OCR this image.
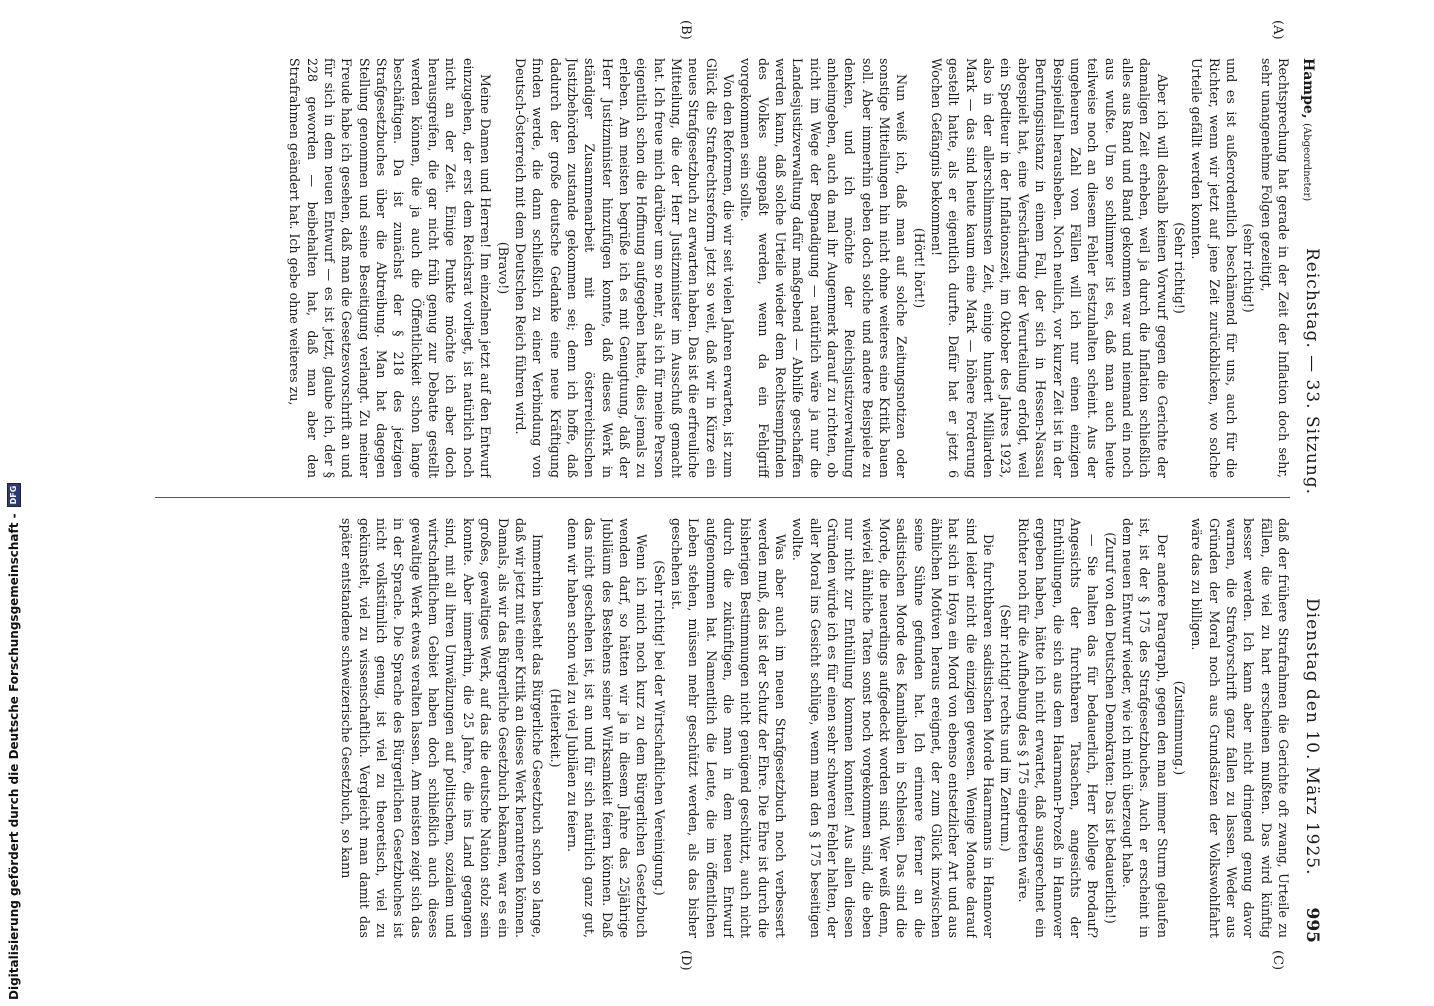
Hampe, (Abgeordneter)
Reichstag. — 33. Sitzung.
Dienstag den 10. März 1925.
995

Rechtsprechung hat gerade in der Zeit der Inflation doch sehr, sehr unangenehme Folgen gezeitigt,

(sehr richtig!)

und es ist außerordentlich beschämend für uns, auch für die Richter, wenn wir jetzt auf jene Zeit zurückblicken, wo solche Urteile gefällt werden konnten.

(Sehr richtig!)

Aber ich will deshalb keinen Vorwurf gegen die Gerichte der damaligen Zeit erheben, weil ja durch die Inflation schließlich alles aus Rand und Band gekommen war und niemand ein noch aus wußte. Um so schlimmer ist es, daß man auch heute teilweise noch an diesem Fehler festzuhalten scheint. Aus der ungeheuren Zahl von Fällen will ich nur einen einzigen Beispielfall herausheben. Noch neulich, vor kurzer Zeit ist in der Berufungsinstanz in einem Fall, der sich in Hessen-Nassau abgespielt hat, eine Verschärfung der Verurteilung erfolgt, weil ein Spediteur in der Inflationszeit, im Oktober des Jahres 1923, also in der allerschlimmsten Zeit, einige hundert Milliarden Mark — das sind heute kaum eine Mark — höhere Forderung gestellt hatte, als er eigentlich durfte. Dafür hat er jetzt 6 Wochen Gefängnis bekommen!

(Hört! hört!)

Nun weiß ich, daß man auf solche Zeitungsnotizen oder sonstige Mitteilungen hin nicht ohne weiteres eine Kritik bauen soll. Aber immerhin geben doch solche und andere Beispiele zu denken, und ich möchte der Reichsjustizverwaltung anheimgeben, auch da mal ihr Augenmerk darauf zu richten, ob nicht im Wege der Begnadigung — natürlich wäre ja nur die Landesjustizverwaltung dafür maßgebend — Abhilfe geschaffen werden kann, daß solche Urteile wieder dem Rechtsempfinden des Volkes angepaßt werden, wenn da ein Fehlgriff vorgekommen sein sollte.

Von den Reformen, die wir seit vielen Jahren erwarten, ist zum Glück die Strafrechtsreform jetzt so weit, daß wir in Kürze ein neues Strafgesetzbuch zu erwarten haben. Das ist die erfreuliche Mitteilung, die der Herr Justizminister im Ausschuß gemacht hat. Ich freue mich darüber um so mehr, als ich für meine Person eigentlich schon die Hoffnung aufgegeben hatte, dies jemals zu erleben. Am meisten begrüße ich es mit Genugtuung, daß der Herr Justizminister hinzufügen konnte, daß dieses Werk in ständiger Zusammenarbeit mit den österreichischen Justizbehörden zustande gekommen sei; denn ich hoffe, daß dadurch der große deutsche Gedanke eine neue Kräftigung finden werde, die dann schließlich zu einer Verbindung von Deutsch-Österreich mit dem Deutschen Reich führen wird.

(Bravo!)

Meine Damen und Herren! Im einzelnen jetzt auf den Entwurf einzugehen, der erst dem Reichsrat vorliegt, ist natürlich noch nicht an der Zeit. Einige Punkte möchte ich aber doch herausgreifen, die gar nicht früh genug zur Debatte gestellt werden können, die ja auch die Öffentlichkeit schon lange beschäftigen. Da ist zunächst der § 218 des jetzigen Strafgesetzbuches über die Abtreibung. Man hat dagegen Stellung genommen und seine Beseitigung verlangt. Zu meiner Freude habe ich gesehen, daß man die Gesetzesvorschrift an und für sich in dem neuen Entwurf — es ist jetzt, glaube ich, der § 228 geworden — beibehalten hat, daß man aber den Strafrahmen geändert hat. Ich gebe ohne weiteres zu,

daß der frühere Strafrahmen die Gerichte oft zwang, Urteile zu fällen, die viel zu hart erscheinen mußten. Das wird künftig besser werden. Ich kann aber nicht dringend genug davor warnen, die Strafvorschrift ganz fallen zu lassen. Weder aus Gründen der Moral noch aus Grundsätzen der Volkswohlfahrt wäre das zu billigen.

(Zustimmung.)

Der andere Paragraph, gegen den man immer Sturm gelaufen ist, ist der § 175 des Strafgesetzbuches. Auch er erscheint in dem neuen Entwurf wieder, wie ich mich überzeugt habe.

(Zuruf von den Deutschen Demokraten: Das ist bedauerlich!)

— Sie halten das für bedauerlich, Herr Kollege Brodauf? Angesichts der furchtbaren Tatsachen, angesichts der Enthüllungen, die sich aus dem Haarmann-Prozeß in Hannover ergeben haben, hätte ich nicht erwartet, daß ausgerechnet ein Richter noch für die Aufhebung des § 175 eingetreten wäre.

(Sehr richtig! rechts und im Zentrum.)

Die furchtbaren sadistischen Morde Haarmanns in Hannover sind leider nicht die einzigen gewesen. Wenige Monate darauf hat sich in Hoya ein Mord von ebenso entsetzlicher Art und aus ähnlichen Motiven heraus ereignet, der zum Glück inzwischen seine Sühne gefunden hat. Ich erinnere ferner an die sadistischen Morde des Kannibalen in Schlesien. Das sind die Morde, die neuerdings aufgedeckt worden sind. Wer weiß denn, wieviel ähnliche Taten sonst noch vorgekommen sind, die eben nur nicht zur Enthüllung kommen konnten! Aus allen diesen Gründen würde ich es für einen sehr schweren Fehler halten, der aller Moral ins Gesicht schlüge, wenn man den § 175 beseitigen wollte.

Was aber auch im neuen Strafgesetzbuch noch verbessert werden muß, das ist der Schutz der Ehre. Die Ehre ist durch die bisherigen Bestimmungen nicht genügend geschützt, auch nicht durch die zukünftigen, die man in dem neuen Entwurf aufgenommen hat. Namentlich die Leute, die im öffentlichen Leben stehen, müssen mehr geschützt werden, als das bisher geschehen ist.

(Sehr richtig! bei der Wirtschaftlichen Vereinigung.)

Wenn ich mich noch kurz zu dem Bürgerlichen Gesetzbuch wenden darf, so hätten wir ja in diesem Jahre das 25jährige Jubiläum des Bestehens seiner Wirksamkeit feiern können. Daß das nicht geschehen ist, ist an und für sich natürlich ganz gut, denn wir haben schon viel zu viel Jubiläen zu feiern.

(Heiterkeit.)

Immerhin besteht das Bürgerliche Gesetzbuch schon so lange, daß wir jetzt mit einer Kritik an dieses Werk herantreten können. Damals, als wir das Bürgerliche Gesetzbuch bekamen, war es ein großes, gewaltiges Werk, auf das die deutsche Nation stolz sein konnte. Aber immerhin, die 25 Jahre, die ins Land gegangen sind, mit all ihren Umwälzungen auf politischem, sozialem und wirtschaftlichem Gebiet haben doch schließlich auch dieses gewaltige Werk etwas veralten lassen. Am meisten zeigt sich das in der Sprache. Die Sprache des Bürgerlichen Gesetzbuches ist nicht volkstümlich genug, ist viel zu theoretisch, viel zu gekünstelt, viel zu wissenschaftlich. Vergleicht man damit das später entstandene schweizerische Gesetzbuch, so kann

(A)
(B)
(C)
(D)
Digitalisierung gefördert durch die Deutsche Forschungsgemeinschaft -
DFG
